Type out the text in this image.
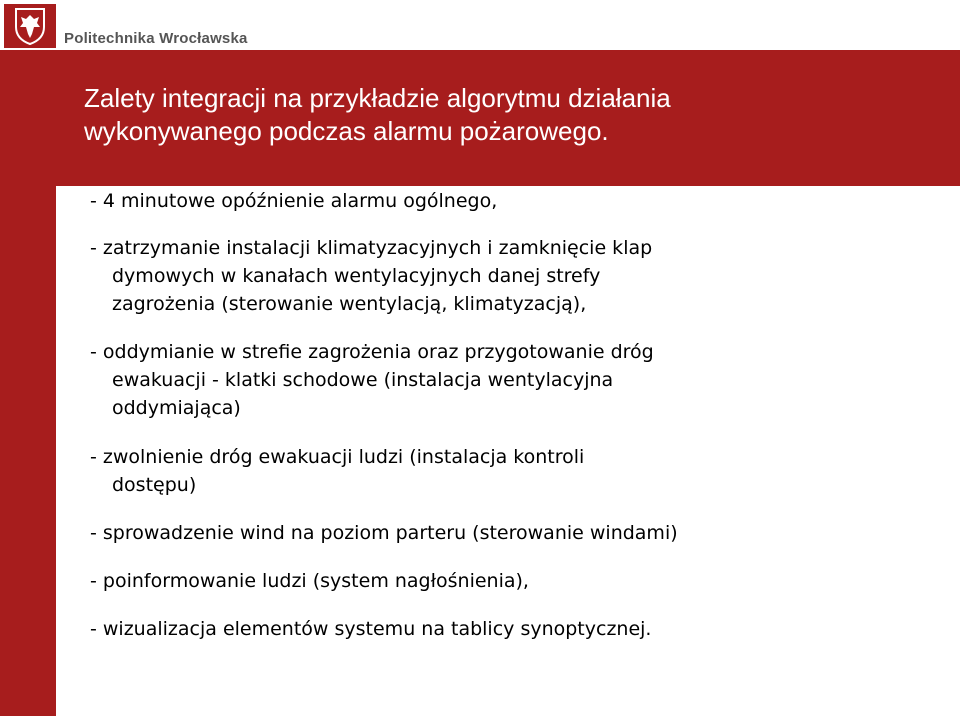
Politechnika Wrocławska
Zalety integracji na przykładzie algorytmu działania
wykonywanego podczas alarmu pożarowego.

- 4 minutowe opóźnienie alarmu ogólnego,

- zatrzymanie instalacji klimatyzacyjnych i zamknięcie klap
dymowych w kanałach wentylacyjnych danej strefy
zagrożenia (sterowanie wentylacją, klimatyzacją),

- oddymianie w strefie zagrożenia oraz przygotowanie dróg
ewakuacji - klatki schodowe (instalacja wentylacyjna
oddymiająca)

- zwolnienie dróg ewakuacji ludzi (instalacja kontroli
dostępu)

- sprowadzenie wind na poziom parteru (sterowanie windami)

- poinformowanie ludzi (system nagłośnienia),

- wizualizacja elementów systemu na tablicy synoptycznej.
